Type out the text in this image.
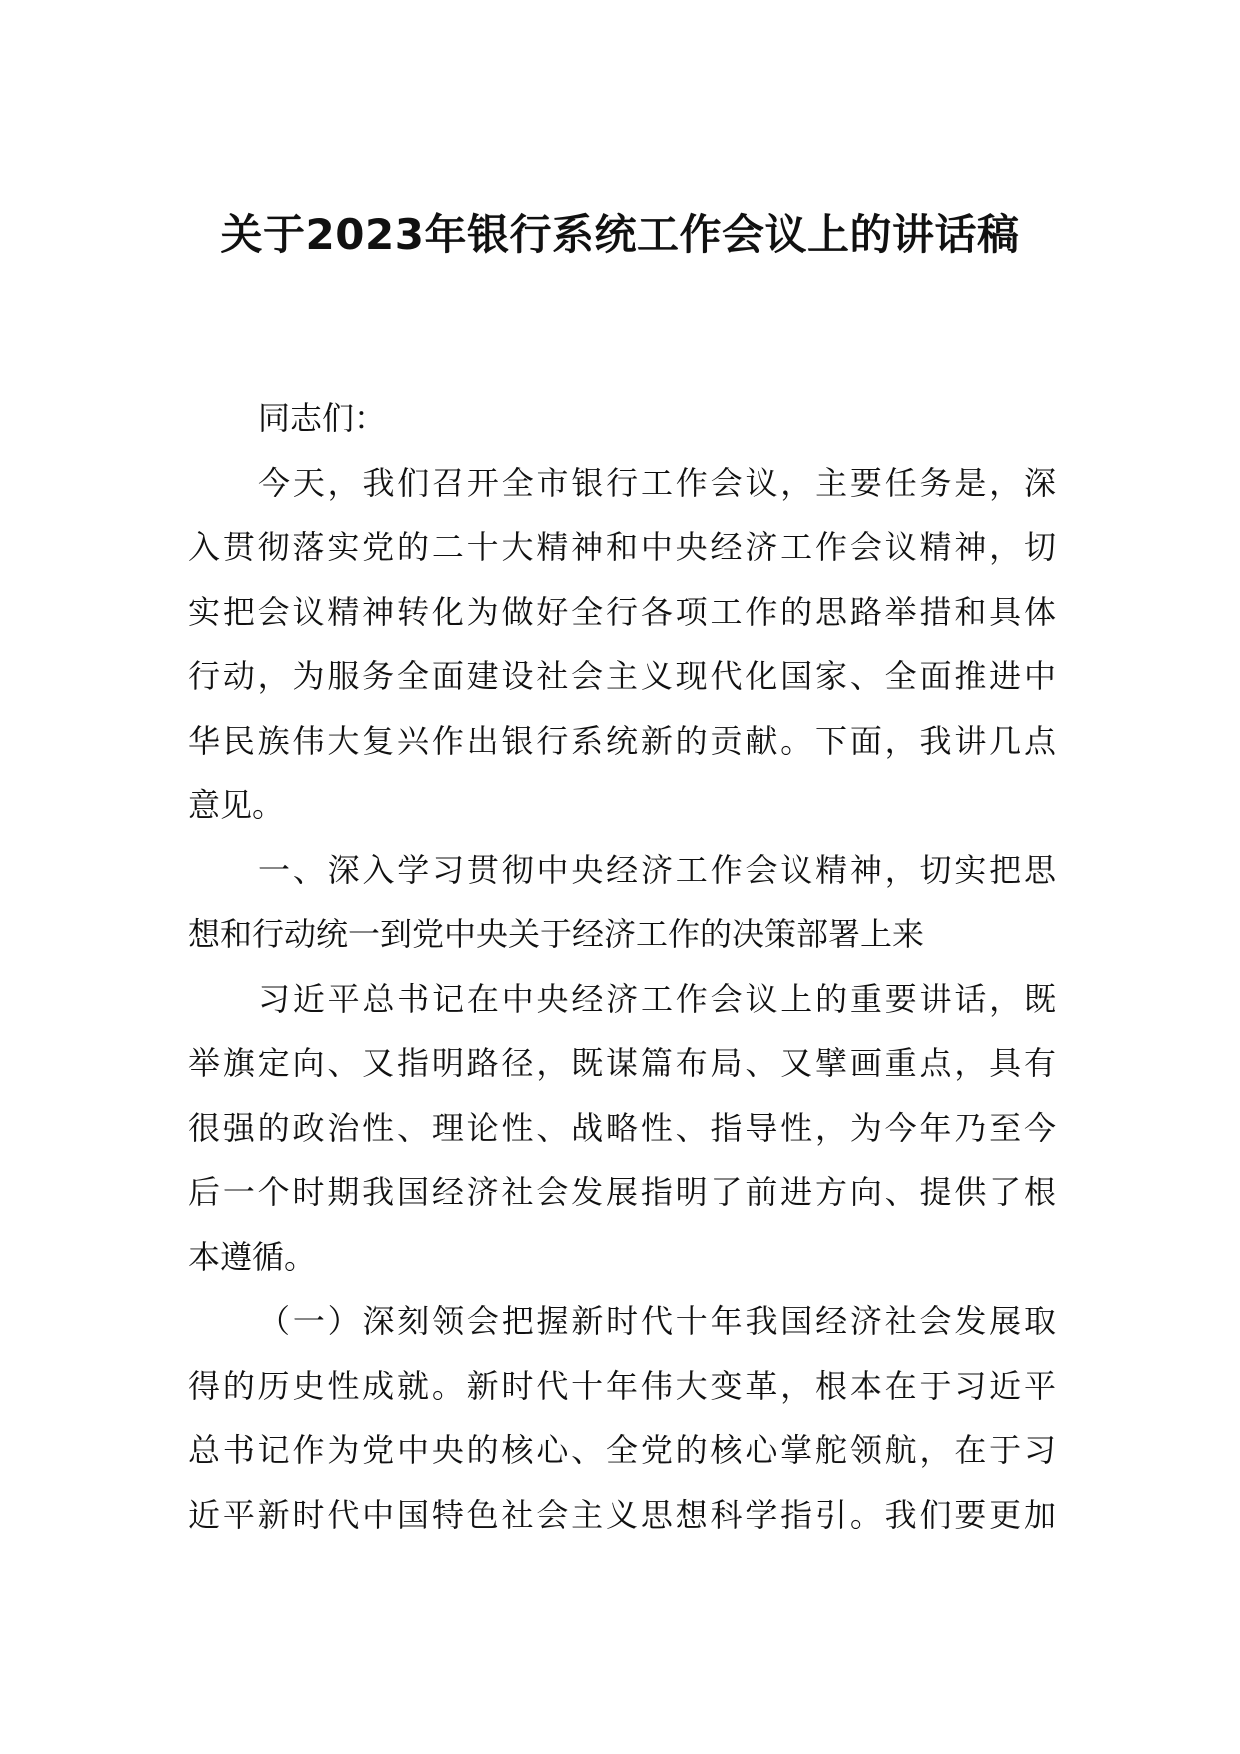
关于2023年银行系统工作会议上的讲话稿

同志们：

今天，我们召开全市银行工作会议，主要任务是，深
入贯彻落实党的二十大精神和中央经济工作会议精神，切
实把会议精神转化为做好全行各项工作的思路举措和具体
行动，为服务全面建设社会主义现代化国家、全面推进中
华民族伟大复兴作出银行系统新的贡献。下面，我讲几点
意见。

一、深入学习贯彻中央经济工作会议精神，切实把思
想和行动统一到党中央关于经济工作的决策部署上来

习近平总书记在中央经济工作会议上的重要讲话，既
举旗定向、又指明路径，既谋篇布局、又擘画重点，具有
很强的政治性、理论性、战略性、指导性，为今年乃至今
后一个时期我国经济社会发展指明了前进方向、提供了根
本遵循。

（一）深刻领会把握新时代十年我国经济社会发展取
得的历史性成就。新时代十年伟大变革，根本在于习近平
总书记作为党中央的核心、全党的核心掌舵领航，在于习
近平新时代中国特色社会主义思想科学指引。我们要更加
